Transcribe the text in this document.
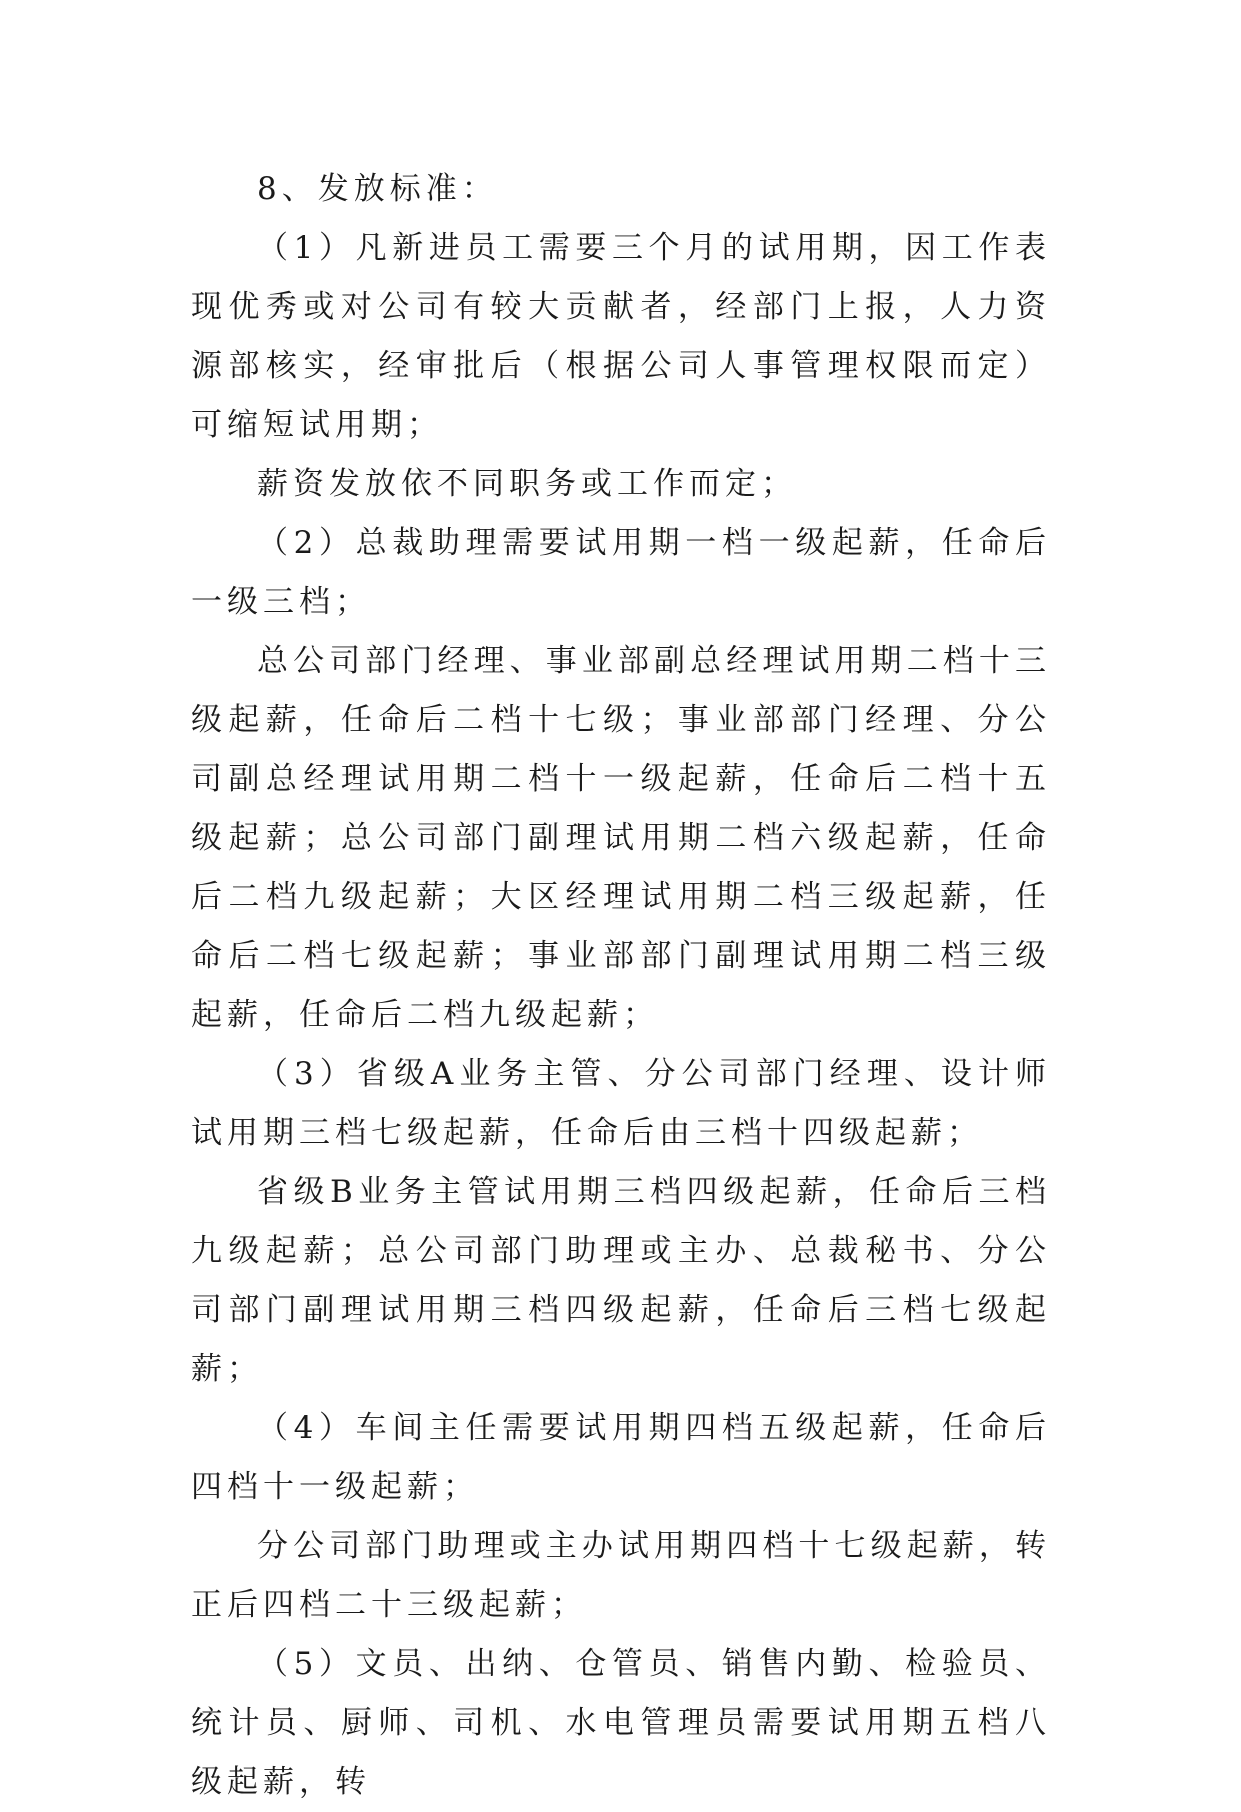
8、发放标准：

（1）凡新进员工需要三个月的试用期，因工作表现优秀或对公司有较大贡献者，经部门上报，人力资源部核实，经审批后（根据公司人事管理权限而定）可缩短试用期；

薪资发放依不同职务或工作而定；

（2）总裁助理需要试用期一档一级起薪，任命后一级三档；

总公司部门经理、事业部副总经理试用期二档十三级起薪，任命后二档十七级；事业部部门经理、分公司副总经理试用期二档十一级起薪，任命后二档十五级起薪；总公司部门副理试用期二档六级起薪，任命后二档九级起薪；大区经理试用期二档三级起薪，任命后二档七级起薪；事业部部门副理试用期二档三级起薪，任命后二档九级起薪；

（3）省级A业务主管、分公司部门经理、设计师试用期三档七级起薪，任命后由三档十四级起薪；

省级B业务主管试用期三档四级起薪，任命后三档九级起薪；总公司部门助理或主办、总裁秘书、分公司部门副理试用期三档四级起薪，任命后三档七级起薪；

（4）车间主任需要试用期四档五级起薪，任命后四档十一级起薪；

分公司部门助理或主办试用期四档十七级起薪，转正后四档二十三级起薪；

（5）文员、出纳、仓管员、销售内勤、检验员、统计员、厨师、司机、水电管理员需要试用期五档八级起薪，转
